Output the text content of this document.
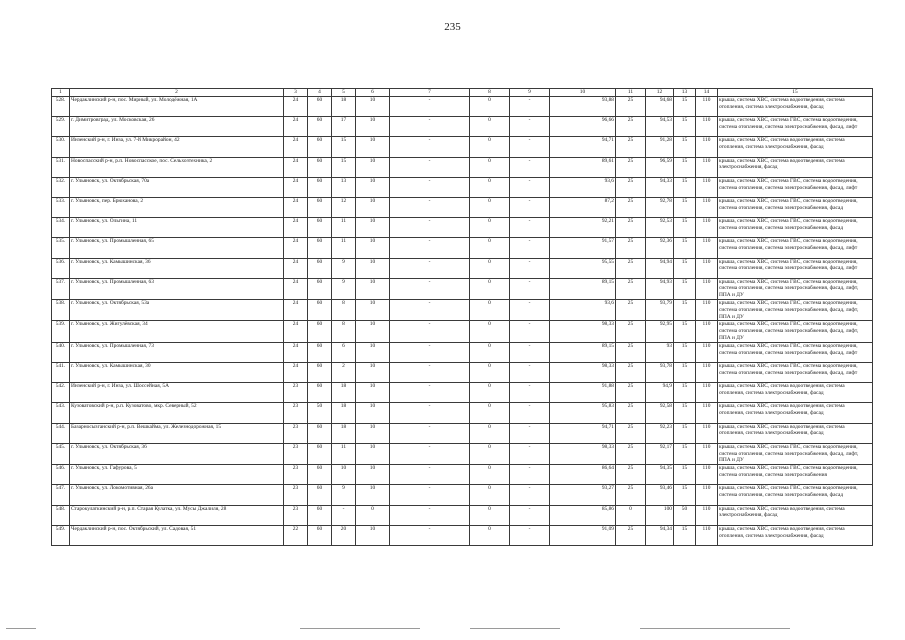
235
1	2	3	4	5	6	7	8	9	10	11	12	13	14	15
528.	Чердаклинский р-н, пос. Мирный, ул. Молодёжная, 1А	24	60	18	10	-	0	-	93,88	25	94,68	15	110	крыша, система ХВС, система водоотведения, система отопления, система электроснабжения, фасад
529.	г. Димитровград, ул. Московская, 26	24	60	17	10	-	0	-	96,66	25	94,53	15	110	крыша, система ХВС, система ГВС, система водоотведения, система отопления, система электроснабжения, фасад, лифт
530.	Инзенский р-н, г. Инза, ул. 7-й Микрорайон, 42	24	60	15	10	-	0	-	94,71	25	91,28	15	110	крыша, система ХВС, система водоотведения, система отопления, система электроснабжения, фасад
531.	Новоспасский р-н, р.п. Новоспасское, пос. Сельхозтехника, 2	24	60	15	10	-	0	-	89,61	25	96,59	15	110	крыша, система ХВС, система водоотведения, система электроснабжения, фасад
532.	г. Ульяновск, ул. Октябрьская, 70а	24	60	13	10	-	0	-	93,6	25	94,33	15	110	крыша, система ХВС, система ГВС, система водоотведения, система отопления, система электроснабжения, фасад, лифт
533.	г. Ульяновск, пер. Брюханова, 2	24	60	12	10	-	0	-	87,2	25	92,78	15	110	крыша, система ХВС, система ГВС, система водоотведения, система отопления, система электроснабжения, фасад
534.	г. Ульяновск, ул. Ольгина, 11	24	60	11	10	-	0	-	92,21	25	92,53	15	110	крыша, система ХВС, система ГВС, система водоотведения, система отопления, система электроснабжения, фасад
535.	г. Ульяновск, ул. Промышленная, 65	24	60	11	10	-	0	-	91,57	25	92,36	15	110	крыша, система ХВС, система ГВС, система водоотведения, система отопления, система электроснабжения, фасад, лифт
536.	г. Ульяновск, ул. Камышинская, 36	24	60	9	10	-	0	-	95,55	25	94,94	15	110	крыша, система ХВС, система ГВС, система водоотведения, система отопления, система электроснабжения, фасад, лифт
537.	г. Ульяновск, ул. Промышленная, 63	24	60	9	10	-	0	-	89,15	25	94,93	15	110	крыша, система ХВС, система ГВС, система водоотведения, система отопления, система электроснабжения, фасад, лифт, ППА и ДУ
538.	г. Ульяновск, ул. Октябрьская, 53а	24	60	8	10	-	0	-	93,6	25	93,79	15	110	крыша, система ХВС, система ГВС, система водоотведения, система отопления, система электроснабжения, фасад, лифт, ППА и ДУ
539.	г. Ульяновск, ул. Жигулёвская, 34	24	60	8	10	-	0	-	98,33	25	92,95	15	110	крыша, система ХВС, система ГВС, система водоотведения, система отопления, система электроснабжения, фасад, лифт, ППА и ДУ
540.	г. Ульяновск, ул. Промышленная, 73	24	60	6	10	-	0	-	89,15	25	93	15	110	крыша, система ХВС, система ГВС, система водоотведения, система отопления, система электроснабжения, фасад, лифт
541.	г. Ульяновск, ул. Камышинская, 30	24	60	2	10	-	0	-	98,33	25	93,78	15	110	крыша, система ХВС, система ГВС, система водоотведения, система отопления, система электроснабжения, фасад, лифт
542.	Инзенский р-н, г. Инза, ул. Шоссейная, 5А	23	60	18	10	-	0	-	91,88	25	94,9	15	110	крыша, система ХВС, система водоотведения, система отопления, система электроснабжения, фасад
543.	Кузоватовский р-н, р.п. Кузоватово, мкр. Северный, 52	23	50	18	10	-	0	-	95,83	25	92,58	15	110	крыша, система ХВС, система водоотведения, система отопления, система электроснабжения, фасад
544.	Базарносызганский р-н, р.п. Вешкайма, ул. Железнодорожная, 15	23	60	18	10	-	0	-	94,71	25	92,23	15	110	крыша, система ХВС, система водоотведения, система отопления, система электроснабжения, фасад
545.	г. Ульяновск, ул. Октябрьская, 36	23	60	11	10	-	0	-	98,33	25	92,17	15	110	крыша, система ХВС, система ГВС, система водоотведения, система отопления, система электроснабжения, фасад, лифт, ППА и ДУ
546.	г. Ульяновск, ул. Гафурова, 5	23	60	10	10	-	0	-	86,64	25	94,35	15	110	крыша, система ХВС, система ГВС, система водоотведения, система отопления, система электроснабжения
547.	г. Ульяновск, ул. Локомотивная, 26а	23	60	9	10	-	0	-	93,27	25	93,46	15	110	крыша, система ХВС, система ГВС, система водоотведения, система отопления, система электроснабжения, фасад
548.	Старокулаткинский р-н, р.п. Старая Кулатка, ул. Мусы Джалиля, 28	23	60	-	0	-	0	-	85,86	0	100	50	110	крыша, система ХВС, система водоотведения, система электроснабжения, фасад
549.	Чердаклинский р-н, пос. Октябрьский, ул. Садовая, 51	22	60	20	10	-	0	-	91,09	25	94,34	15	110	крыша, система ХВС, система водоотведения, система отопления, система электроснабжения, фасад
